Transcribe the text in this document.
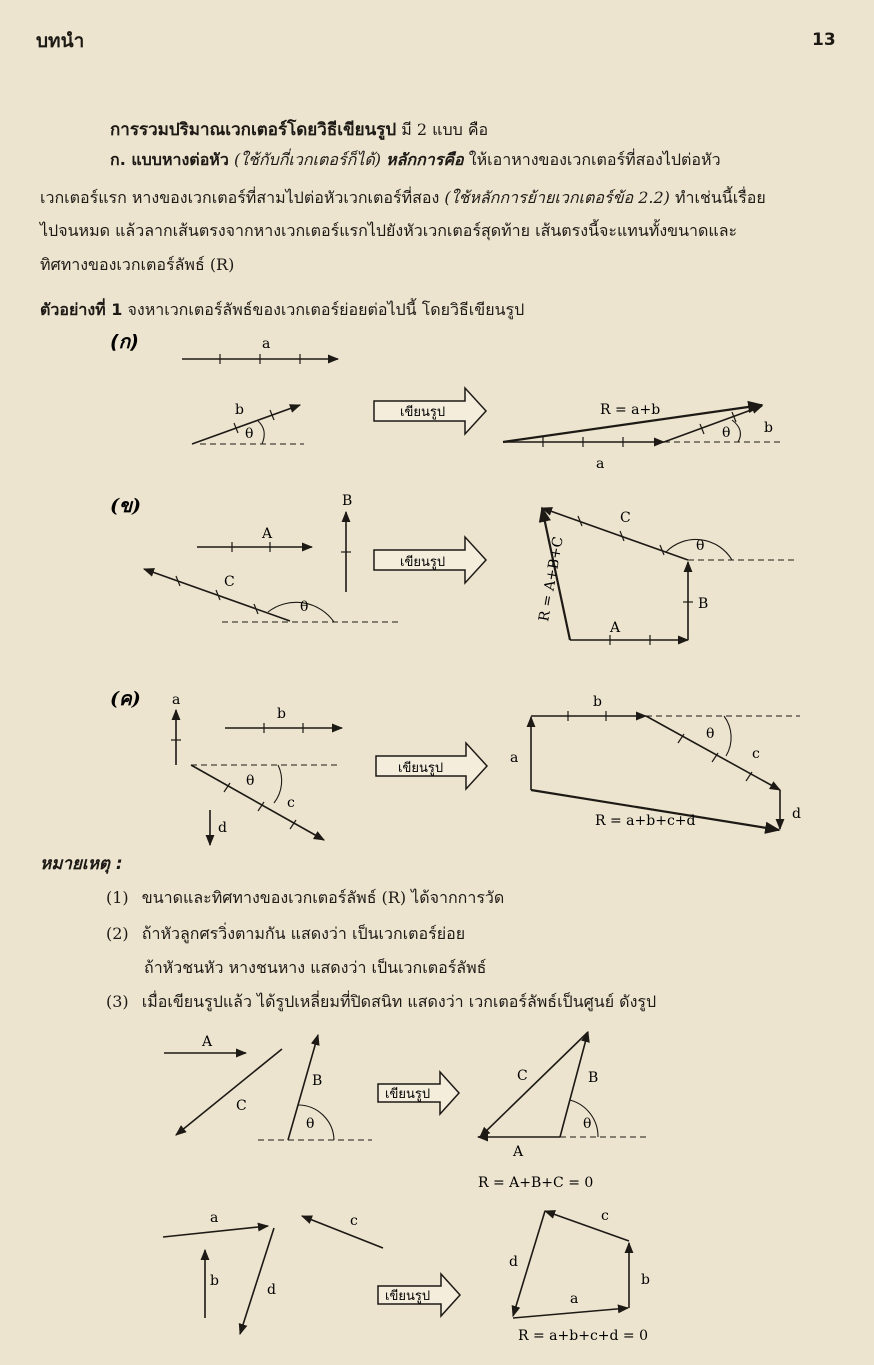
บทนำ	13
การรวมปริมาณเวกเตอร์โดยวิธีเขียนรูป มี 2 แบบ คือ
ก. แบบหางต่อหัว (ใช้กับกี่เวกเตอร์ก็ได้) หลักการคือ ให้เอาหางของเวกเตอร์ที่สองไปต่อหัว
เวกเตอร์แรก หางของเวกเตอร์ที่สามไปต่อหัวเวกเตอร์ที่สอง (ใช้หลักการย้ายเวกเตอร์ข้อ 2.2) ทำเช่นนี้เรื่อย
ไปจนหมด แล้วลากเส้นตรงจากหางเวกเตอร์แรกไปยังหัวเวกเตอร์สุดท้าย เส้นตรงนี้จะแทนทั้งขนาดและ
ทิศทางของเวกเตอร์ลัพธ์ (R)
ตัวอย่างที่ 1 จงหาเวกเตอร์ลัพธ์ของเวกเตอร์ย่อยต่อไปนี้ โดยวิธีเขียนรูป
(ก)	a
b
θ
เขียนรูป	R = a+b
a
θ b
(ข)
A
B
C
θ
เขียนรูป
C
θ
B
A
R = A+B+C
(ค) a
b
θ
c
d
เขียนรูป
a
b
θ
c
d
R = a+b+c+d
A
C
B
θ
เขียนรูป
A
B
C
θ
R = A+B+C = 0
a	c
b
d	เขียนรูป	a
b
c
d
R = a+b+c+d = 0
หมายเหตุ :
(1) ขนาดและทิศทางของเวกเตอร์ลัพธ์ (R) ได้จากการวัด
(2) ถ้าหัวลูกศรวิ่งตามกัน แสดงว่า เป็นเวกเตอร์ย่อย
ถ้าหัวชนหัว หางชนหาง แสดงว่า เป็นเวกเตอร์ลัพธ์
(3) เมื่อเขียนรูปแล้ว ได้รูปเหลี่ยมที่ปิดสนิท แสดงว่า เวกเตอร์ลัพธ์เป็นศูนย์ ดังรูป
